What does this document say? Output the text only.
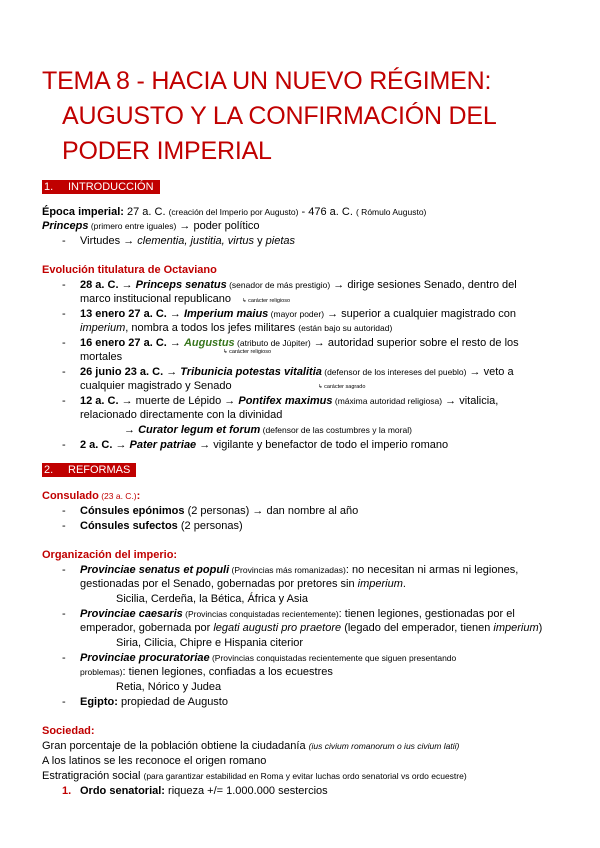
TEMA 8 - HACIA UN NUEVO RÉGIMEN:
AUGUSTO Y LA CONFIRMACIÓN DEL
PODER IMPERIAL
1. INTRODUCCIÓN
Época imperial: 27 a. C. (creación del Imperio por Augusto) - 476 a. C. ( Rómulo Augusto)
Princeps (primero entre iguales) → poder político
- Virtudes → clementia, justitia, virtus y pietas
Evolución titulatura de Octaviano
- 28 a. C. → Princeps senatus (senador de más prestigio) → dirige sesiones Senado, dentro del
marco institucional republicano ↳ carácter religioso
- 13 enero 27 a. C. → Imperium maius (mayor poder) → superior a cualquier magistrado con
imperium, nombra a todos los jefes militares (están bajo su autoridad)
- 16 enero 27 a. C. → Augustus (atributo de Júpiter) → autoridad superior sobre el resto de los
mortales	↳ carácter religioso
- 26 junio 23 a. C. → Tribunicia potestas vitalitia (defensor de los intereses del pueblo) → veto a
cualquier magistrado y Senado	↳ carácter sagrado
- 12 a. C. → muerte de Lépido → Pontifex maximus (máxima autoridad religiosa) → vitalicia,
relacionado directamente con la divinidad
→ Curator legum et forum (defensor de las costumbres y la moral)
- 2 a. C. → Pater patriae → vigilante y benefactor de todo el imperio romano
2. REFORMAS
Consulado (23 a. C.):
- Cónsules epónimos (2 personas) → dan nombre al año
- Cónsules sufectos (2 personas)
Organización del imperio:
- Provinciae senatus et populi (Provincias más romanizadas): no necesitan ni armas ni legiones,
gestionadas por el Senado, gobernadas por pretores sin imperium.
Sicilia, Cerdeña, la Bética, África y Asia
- Provinciae caesaris (Provincias conquistadas recientemente): tienen legiones, gestionadas por el
emperador, gobernada por legati augusti pro praetore (legado del emperador, tienen imperium)
Siria, Cilicia, Chipre e Hispania citerior
- Provinciae procuratoriae (Provincias conquistadas recientemente que siguen presentando
problemas): tienen legiones, confiadas a los ecuestres
Retia, Nórico y Judea
- Egipto: propiedad de Augusto
Sociedad:
Gran porcentaje de la población obtiene la ciudadanía (ius civium romanorum o ius civium latii)
A los latinos se les reconoce el origen romano
Estratigración social (para garantizar estabilidad en Roma y evitar luchas ordo senatorial vs ordo ecuestre)
1. Ordo senatorial: riqueza +/= 1.000.000 sestercios
